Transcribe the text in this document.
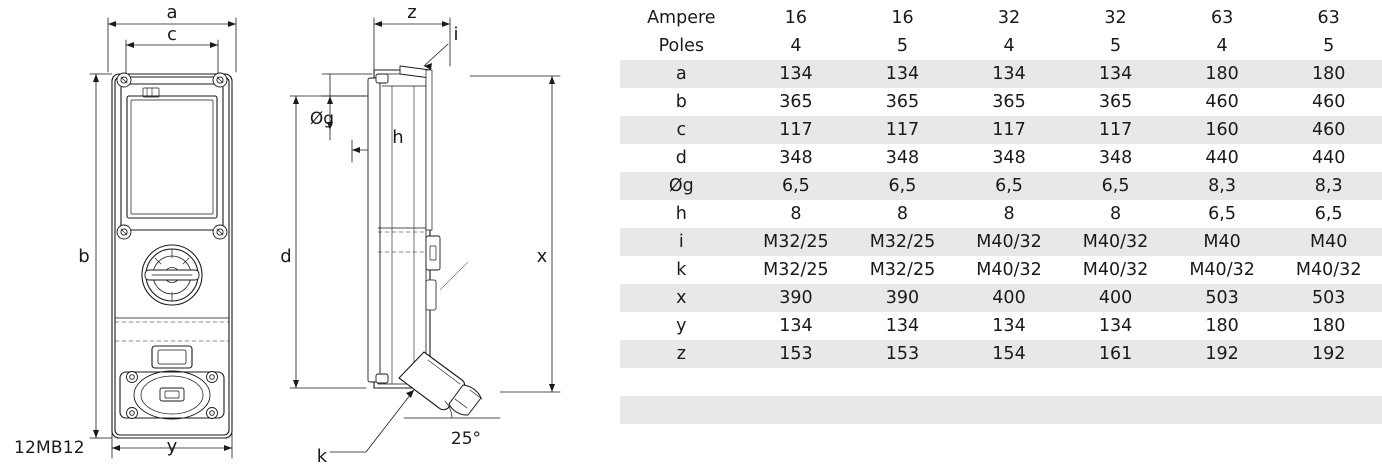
a
c
b
y
z
i
d
Øg
h
x
k
25°
12MB12
Ampere	16	16	32	32	63	63
Poles	4	5	4	5	4	5
a	134	134	134	134	180	180
b	365	365	365	365	460	460
c	117	117	117	117	160	460
d	348	348	348	348	440	440
Øg	6,5	6,5	6,5	6,5	8,3	8,3
h	8	8	8	8	6,5	6,5
i	M32/25	M32/25	M40/32	M40/32	M40	M40
k	M32/25	M32/25	M40/32	M40/32	M40/32	M40/32
x	390	390	400	400	503	503
y	134	134	134	134	180	180
z	153	153	154	161	192	192
